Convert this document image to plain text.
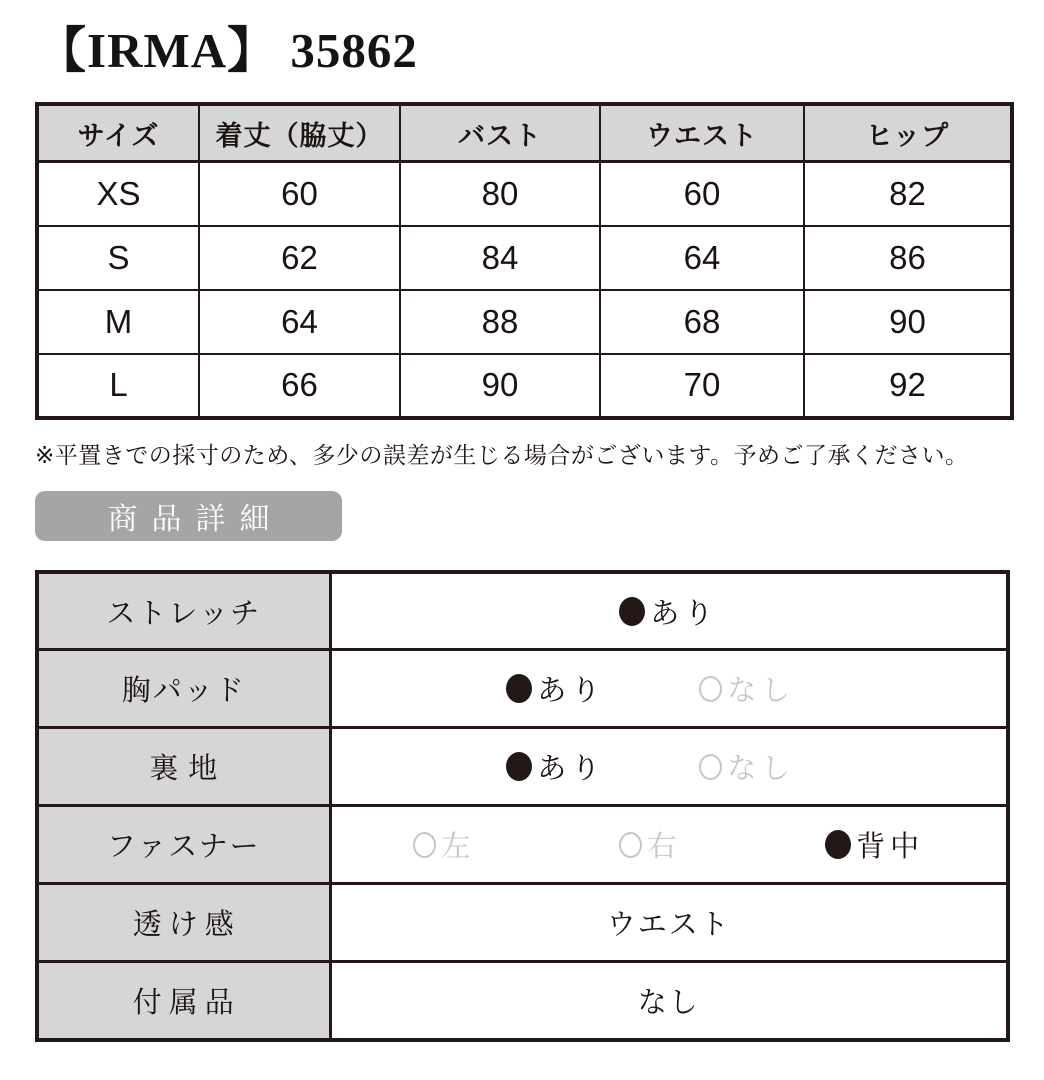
【IRMA】 35862
サイズ	着丈（脇丈）	バスト	ウエスト	ヒップ
XS	60	80	60	82
S	62	84	64	86
M	64	88	68	90
L	66	90	70	92
※平置きでの採寸のため、多少の誤差が生じる場合がございます。予めご了承ください。
商品詳細
ストレッチ	あり

胸パッド	あり なし

裏地	あり なし

ファスナー	左 右 背中

透け感	ウエスト

付属品	なし
